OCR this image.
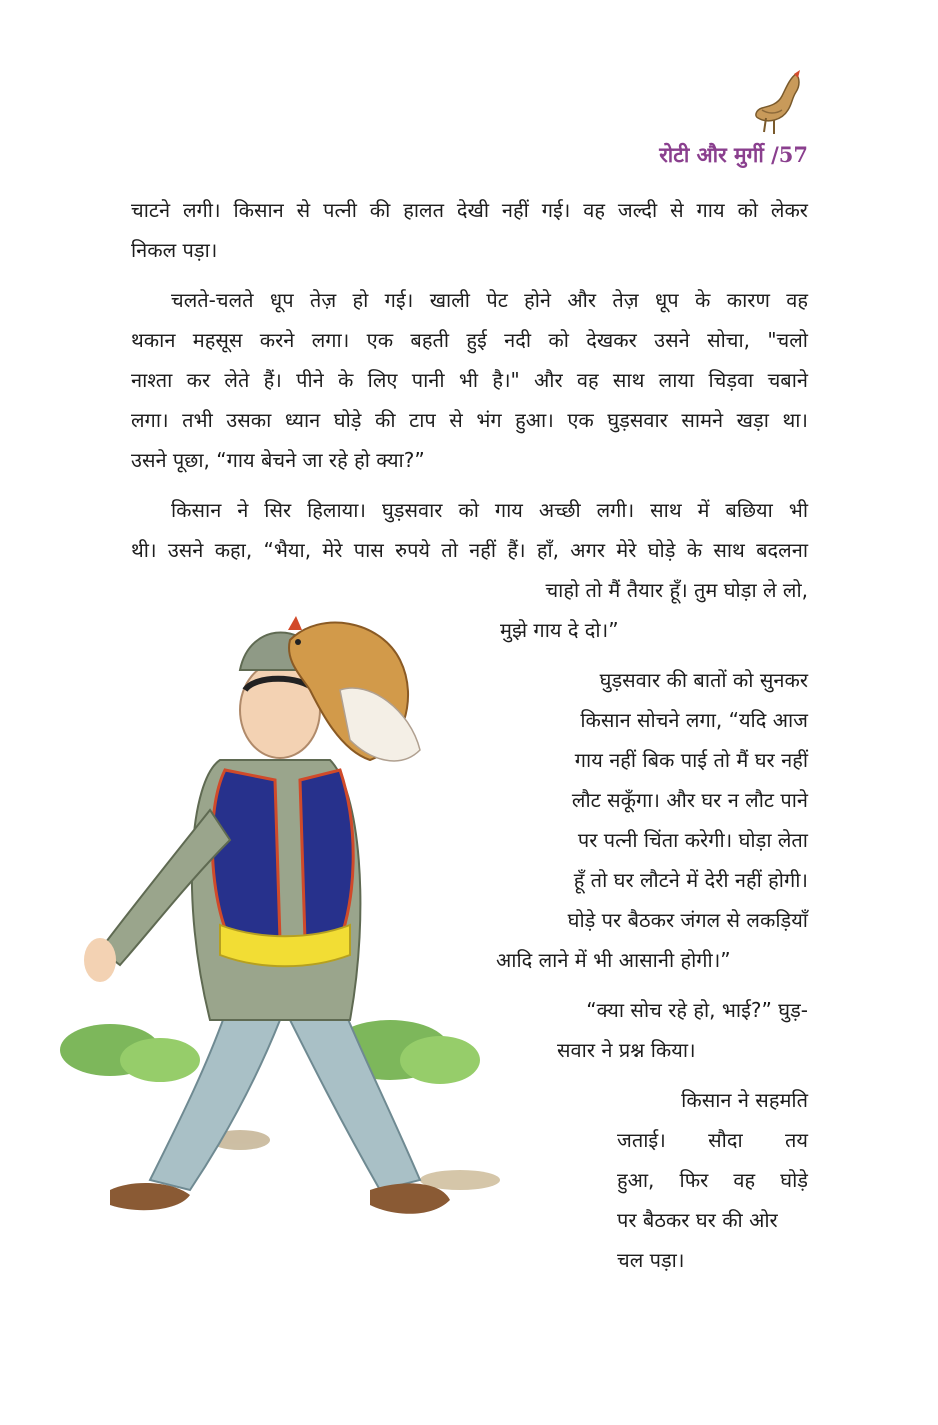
रोटी और मुर्गी /57
चाटने लगी। किसान से पत्नी की हालत देखी नहीं गई। वह जल्दी से गाय को लेकर
निकल पड़ा।
चलते-चलते धूप तेज़ हो गई। खाली पेट होने और तेज़ धूप के कारण वह
थकान महसूस करने लगा। एक बहती हुई नदी को देखकर उसने सोचा, "चलो
नाश्ता कर लेते हैं। पीने के लिए पानी भी है।" और वह साथ लाया चिड़वा चबाने
लगा। तभी उसका ध्यान घोड़े की टाप से भंग हुआ। एक घुड़सवार सामने खड़ा था।
उसने पूछा, “गाय बेचने जा रहे हो क्या?”
किसान ने सिर हिलाया। घुड़सवार को गाय अच्छी लगी। साथ में बछिया भी
थी। उसने कहा, “भैया, मेरे पास रुपये तो नहीं हैं। हाँ, अगर मेरे घोड़े के साथ बदलना
चाहो तो मैं तैयार हूँ। तुम घोड़ा ले लो,
मुझे गाय दे दो।”
घुड़सवार की बातों को सुनकर
किसान सोचने लगा, “यदि आज
गाय नहीं बिक पाई तो मैं घर नहीं
लौट सकूँगा। और घर न लौट पाने
पर पत्नी चिंता करेगी। घोड़ा लेता
हूँ तो घर लौटने में देरी नहीं होगी।
घोड़े पर बैठकर जंगल से लकड़ियाँ
आदि लाने में भी आसानी होगी।”
“क्या सोच रहे हो, भाई?” घुड़-
सवार ने प्रश्न किया।
किसान ने सहमति
जताई। सौदा तय
हुआ, फिर वह घोड़े
पर बैठकर घर की ओर
चल पड़ा।
